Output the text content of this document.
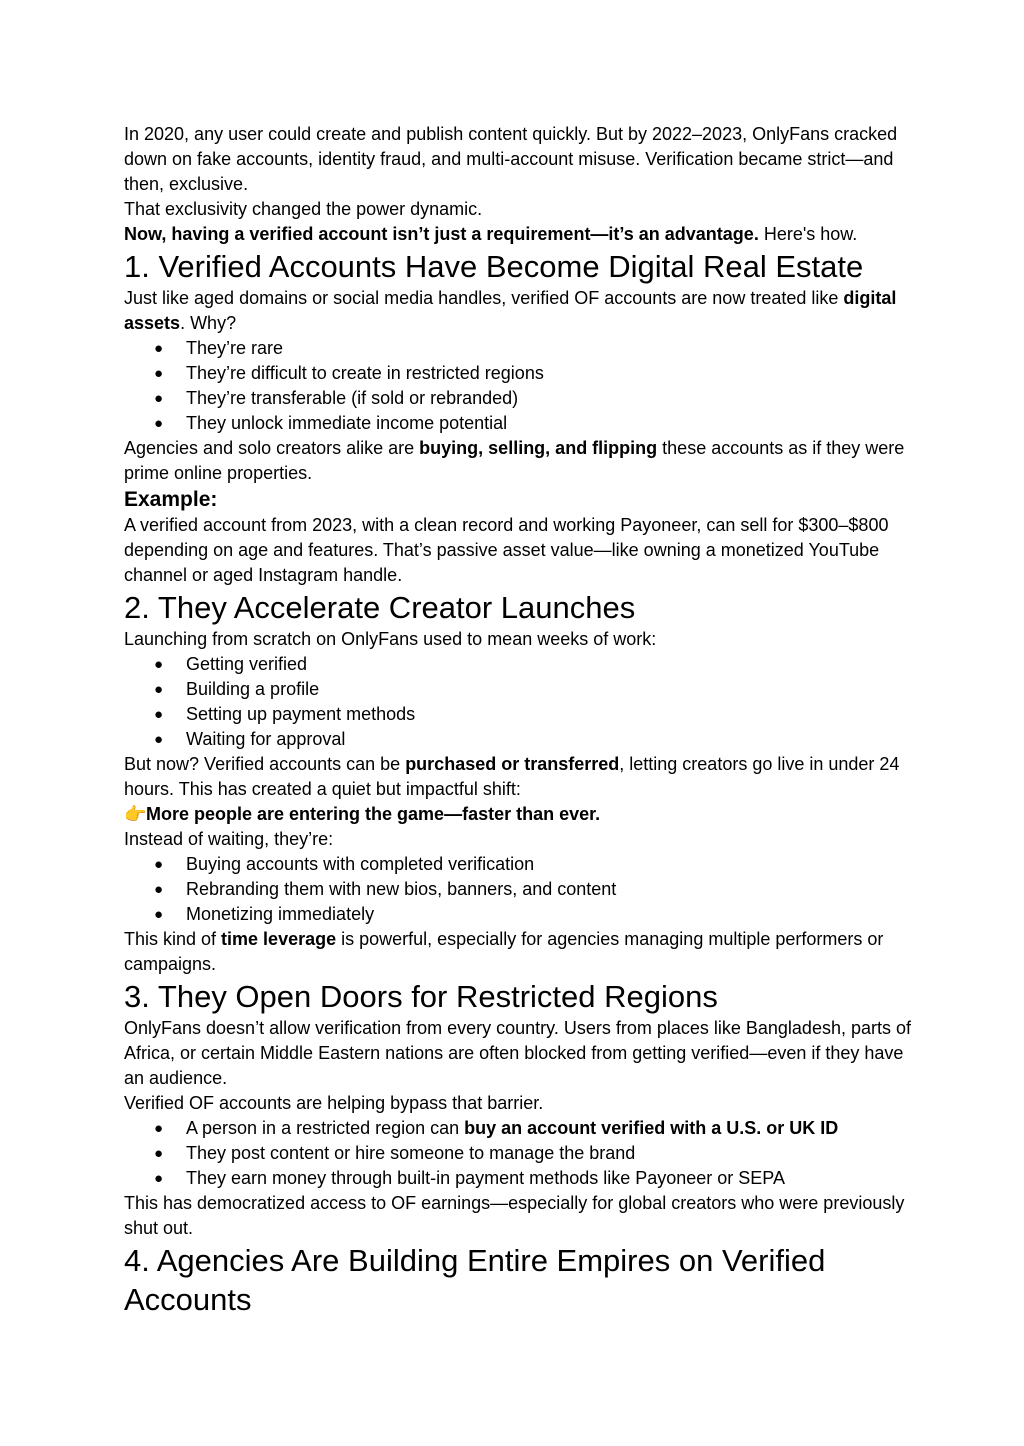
In 2020, any user could create and publish content quickly. But by 2022–2023, OnlyFans cracked down on fake accounts, identity fraud, and multi-account misuse. Verification became strict—and then, exclusive.

That exclusivity changed the power dynamic.

Now, having a verified account isn’t just a requirement—it’s an advantage. Here's how.

1. Verified Accounts Have Become Digital Real Estate

Just like aged domains or social media handles, verified OF accounts are now treated like digital assets. Why?

● They’re rare
● They’re difficult to create in restricted regions
● They’re transferable (if sold or rebranded)
● They unlock immediate income potential

Agencies and solo creators alike are buying, selling, and flipping these accounts as if they were prime online properties.

Example:

A verified account from 2023, with a clean record and working Payoneer, can sell for $300–$800 depending on age and features. That’s passive asset value—like owning a monetized YouTube channel or aged Instagram handle.

2. They Accelerate Creator Launches

Launching from scratch on OnlyFans used to mean weeks of work:

● Getting verified
● Building a profile
● Setting up payment methods
● Waiting for approval

But now? Verified accounts can be purchased or transferred, letting creators go live in under 24 hours. This has created a quiet but impactful shift:

👉More people are entering the game—faster than ever.

Instead of waiting, they’re:

● Buying accounts with completed verification
● Rebranding them with new bios, banners, and content
● Monetizing immediately

This kind of time leverage is powerful, especially for agencies managing multiple performers or campaigns.

3. They Open Doors for Restricted Regions

OnlyFans doesn’t allow verification from every country. Users from places like Bangladesh, parts of Africa, or certain Middle Eastern nations are often blocked from getting verified—even if they have an audience.

Verified OF accounts are helping bypass that barrier.

● A person in a restricted region can buy an account verified with a U.S. or UK ID
● They post content or hire someone to manage the brand
● They earn money through built-in payment methods like Payoneer or SEPA

This has democratized access to OF earnings—especially for global creators who were previously shut out.

4. Agencies Are Building Entire Empires on Verified Accounts
